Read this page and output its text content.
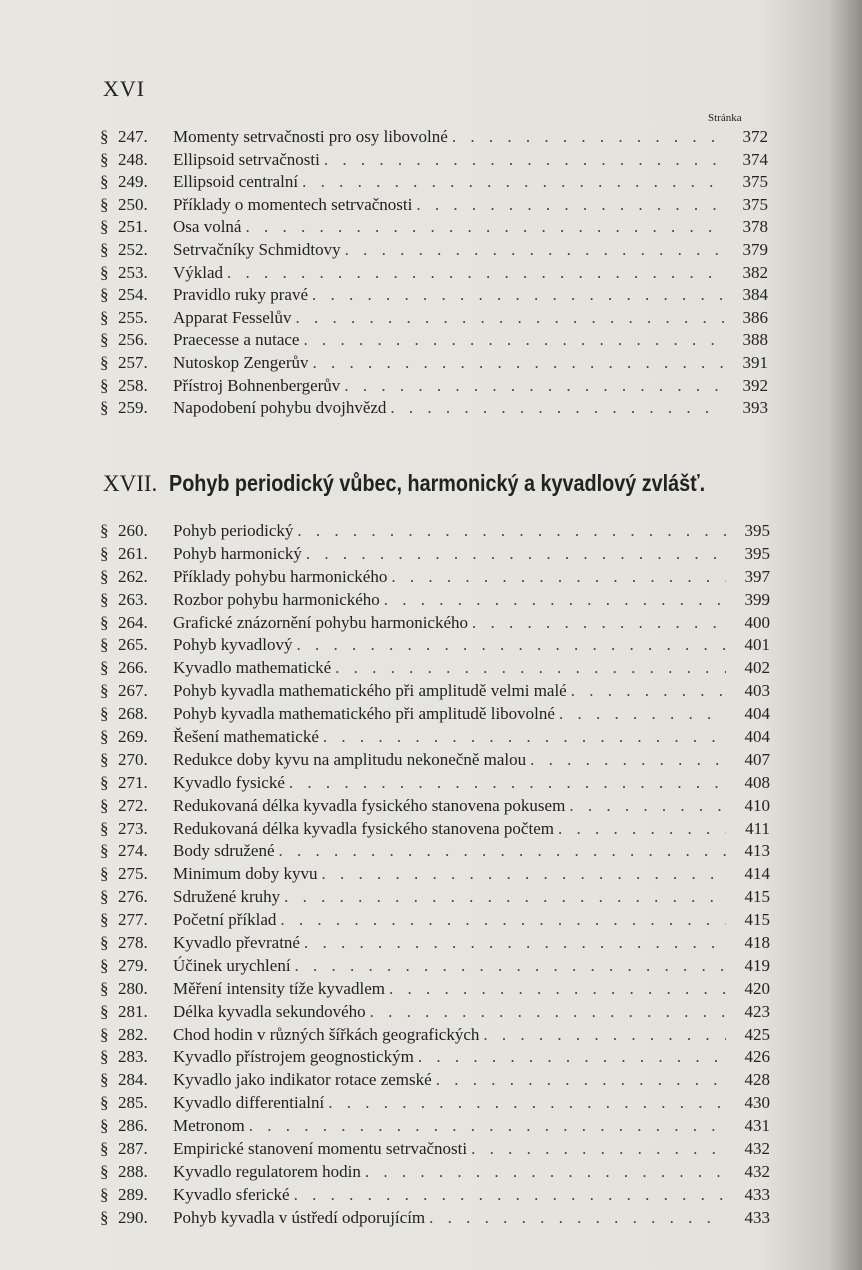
XVI
Stránka
§ 247.	Momenty setrvačnosti pro osy libovolné . . .	372
§ 248.	Ellipsoid setrvačnosti . . .	374
§ 249.	Ellipsoid centralní . . .	375
§ 250.	Příklady o momentech setrvačnosti . . .	375
§ 251.	Osa volná . . .	378
§ 252.	Setrvačníky Schmidtovy . . .	379
§ 253.	Výklad . . .	382
§ 254.	Pravidlo ruky pravé . . .	384
§ 255.	Apparat Fesselův . . .	386
§ 256.	Praecesse a nutace . . .	388
§ 257.	Nutoskop Zengerův . . .	391
§ 258.	Přístroj Bohnenbergerův . . .	392
§ 259.	Napodobení pohybu dvojhvězd . . .	393
XVII. Pohyb periodický vůbec, harmonický a kyvadlový zvlášť.
§ 260.	Pohyb periodický . . .	395
§ 261.	Pohyb harmonický . . .	395
§ 262.	Příklady pohybu harmonického . . .	397
§ 263.	Rozbor pohybu harmonického . . .	399
§ 264.	Grafické znázornění pohybu harmonického . . .	400
§ 265.	Pohyb kyvadlový . . .	401
§ 266.	Kyvadlo mathematické . . .	402
§ 267.	Pohyb kyvadla mathematického při amplitudě velmi malé . . .	403
§ 268.	Pohyb kyvadla mathematického při amplitudě libovolné . . .	404
§ 269.	Řešení mathematické . . .	404
§ 270.	Redukce doby kyvu na amplitudu nekonečně malou . . .	407
§ 271.	Kyvadlo fysické . . .	408
§ 272.	Redukovaná délka kyvadla fysického stanovena pokusem . . .	410
§ 273.	Redukovaná délka kyvadla fysického stanovena počtem . . .	411
§ 274.	Body sdružené . . .	413
§ 275.	Minimum doby kyvu . . .	414
§ 276.	Sdružené kruhy . . .	415
§ 277.	Početní příklad . . .	415
§ 278.	Kyvadlo převratné . . .	418
§ 279.	Účinek urychlení . . .	419
§ 280.	Měření intensity tíže kyvadlem . . .	420
§ 281.	Délka kyvadla sekundového . . .	423
§ 282.	Chod hodin v různých šířkách geografických . . .	425
§ 283.	Kyvadlo přístrojem geognostickým . . .	426
§ 284.	Kyvadlo jako indikator rotace zemské . . .	428
§ 285.	Kyvadlo differentialní . . .	430
§ 286.	Metronom . . .	431
§ 287.	Empirické stanovení momentu setrvačnosti . . .	432
§ 288.	Kyvadlo regulatorem hodin . . .	432
§ 289.	Kyvadlo sferické . . .	433
§ 290.	Pohyb kyvadla v ústředí odporujícím . . .	433
